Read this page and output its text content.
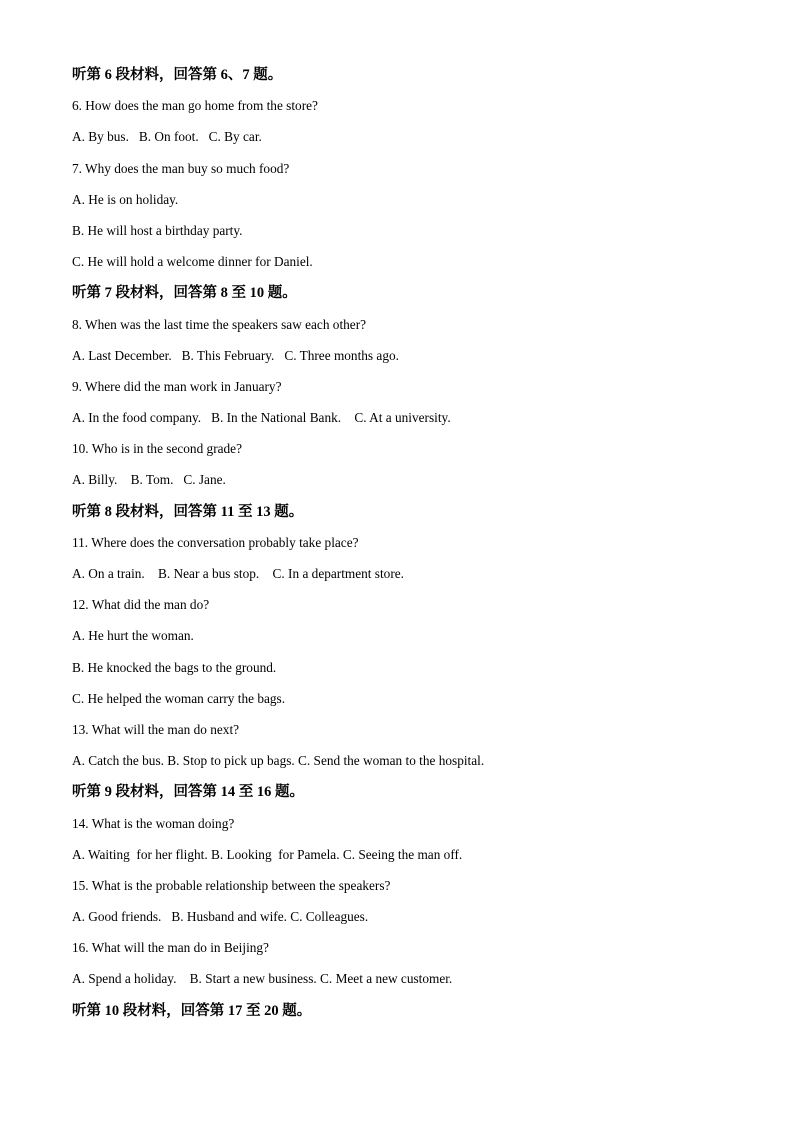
听第 6 段材料，回答第 6、7 题。
6. How does the man go home from the store?
A. By bus.   B. On foot.   C. By car.
7. Why does the man buy so much food?
A. He is on holiday.
B. He will host a birthday party.
C. He will hold a welcome dinner for Daniel.
听第 7 段材料，回答第 8 至 10 题。
8. When was the last time the speakers saw each other?
A. Last December.   B. This February.   C. Three months ago.
9. Where did the man work in January?
A. In the food company.   B. In the National Bank.    C. At a university.
10. Who is in the second grade?
A. Billy.    B. Tom.   C. Jane.
听第 8 段材料，回答第 11 至 13 题。
11. Where does the conversation probably take place?
A. On a train.    B. Near a bus stop.    C. In a department store.
12. What did the man do?
A. He hurt the woman.
B. He knocked the bags to the ground.
C. He helped the woman carry the bags.
13. What will the man do next?
A. Catch the bus. B. Stop to pick up bags. C. Send the woman to the hospital.
听第 9 段材料，回答第 14 至 16 题。
14. What is the woman doing?
A. Waiting  for her flight. B. Looking  for Pamela. C. Seeing the man off.
15. What is the probable relationship between the speakers?
A. Good friends.   B. Husband and wife. C. Colleagues.
16. What will the man do in Beijing?
A. Spend a holiday.    B. Start a new business. C. Meet a new customer.
听第 10 段材料，回答第 17 至 20 题。
